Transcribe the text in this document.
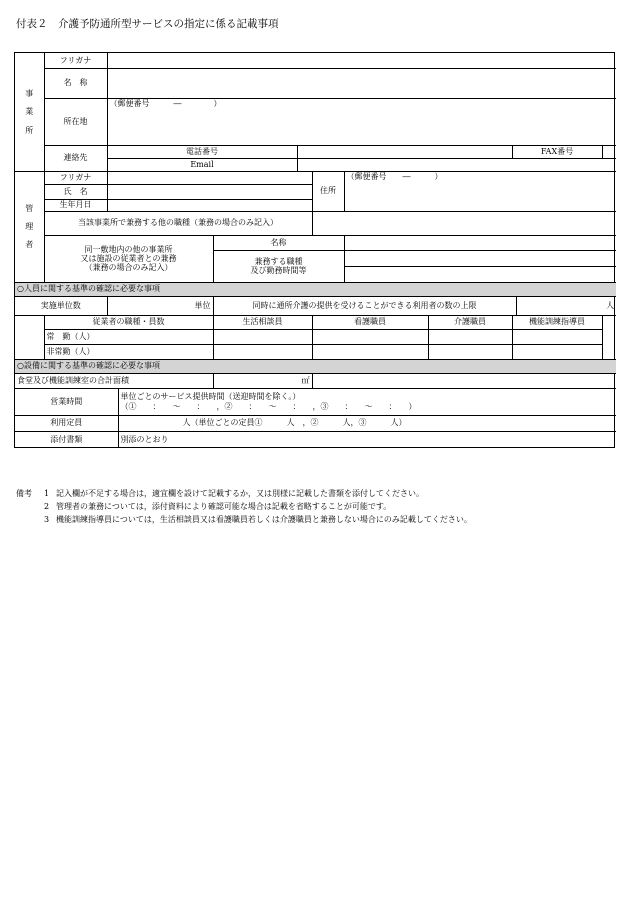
付表２　介護予防通所型サービスの指定に係る記載事項
事

業

所	フリガナ										
	名　称										
	所在地	（郵便番号　　　―　　　　）									
	連絡先	電話番号							FAX番号		
		Email									

管

理

者	フリガナ					住所	（郵便番号　　―　　　）				
	氏　名										
	生年月日										
	当該事業所で兼務する他の職種（兼務の場合のみ記入）										

	同一敷地内の他の事業所
又は施設の従業者との兼務
（兼務の場合のみ記入）			名称							

				兼務する職種
及び勤務時間等							

○人員に関する基準の確認に必要な事項											
実施単位数		単位		同時に通所介護の提供を受けることができる利用者の数の上限						人	
	従業者の職種・員数			生活相談員		看護職員		介護職員	機能訓練指導員		
	常　勤（人）										
	非常勤（人）										
○設備に関する基準の確認に必要な事項											
食堂及び機能訓練室の合計面積				㎡							
営業時間			単位ごとのサービス提供時間（送迎時間を除く。）
（①　　：　　～　　：　　，②　　：　　～　　：　　，③　　：　　～　　：　　）								

利用定員			人（単位ごとの定員①　　　人　，②　　　人，③　　　人）								
添付書類			別添のとおり								
備考	1 記入欄が不足する場合は，適宜欄を設けて記載するか，又は別様に記載した書類を添付してください。
2 管理者の兼務については，添付資料により確認可能な場合は記載を省略することが可能です。
3 機能訓練指導員については，生活相談員又は看護職員若しくは介護職員と兼務しない場合にのみ記載してください。
